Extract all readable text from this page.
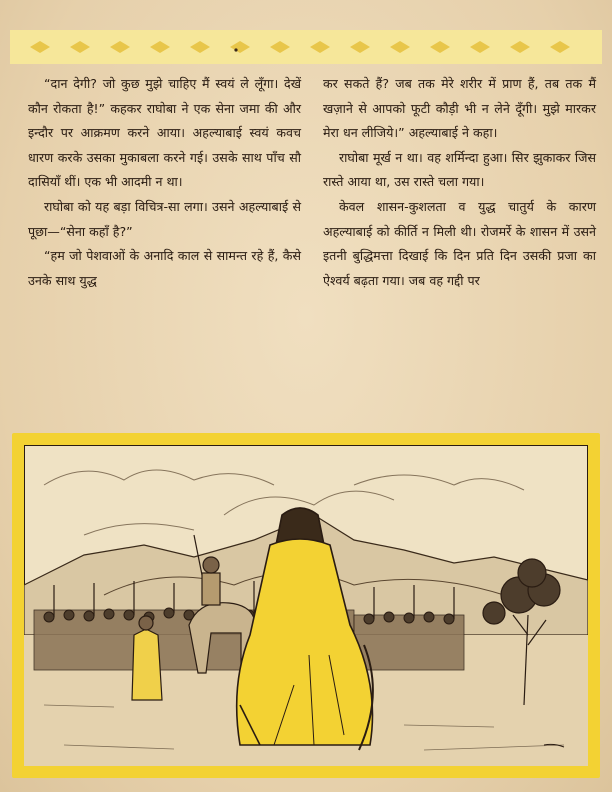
“दान देगी? जो कुछ मुझे चाहिए मैं स्वयं ले लूँगा। देखें कौन रोकता है!” कहकर राघोबा ने एक सेना जमा की और इन्दौर पर आक्रमण करने आया। अहल्याबाई स्वयं कवच धारण करके उसका मुकाबला करने गई। उसके साथ पाँच सौ दासियाँ थीं। एक भी आदमी न था।

राघोबा को यह बड़ा विचित्र-सा लगा। उसने अहल्याबाई से पूछा—“सेना कहाँ है?”

“हम जो पेशवाओं के अनादि काल से सामन्त रहे हैं, कैसे उनके साथ युद्ध

कर सकते हैं? जब तक मेरे शरीर में प्राण हैं, तब तक मैं खज़ाने से आपको फूटी कौड़ी भी न लेने दूँगी। मुझे मारकर मेरा धन लीजिये।” अहल्याबाई ने कहा।

राघोबा मूर्ख न था। वह शर्मिन्दा हुआ। सिर झुकाकर जिस रास्ते आया था, उस रास्ते चला गया।

केवल शासन-कुशलता व युद्ध चातुर्य के कारण अहल्याबाई को कीर्ति न मिली थी। रोजमर्रे के शासन में उसने इतनी बुद्धिमत्ता दिखाई कि दिन प्रति दिन उसकी प्रजा का ऐश्वर्य बढ़ता गया। जब वह गद्दी पर
